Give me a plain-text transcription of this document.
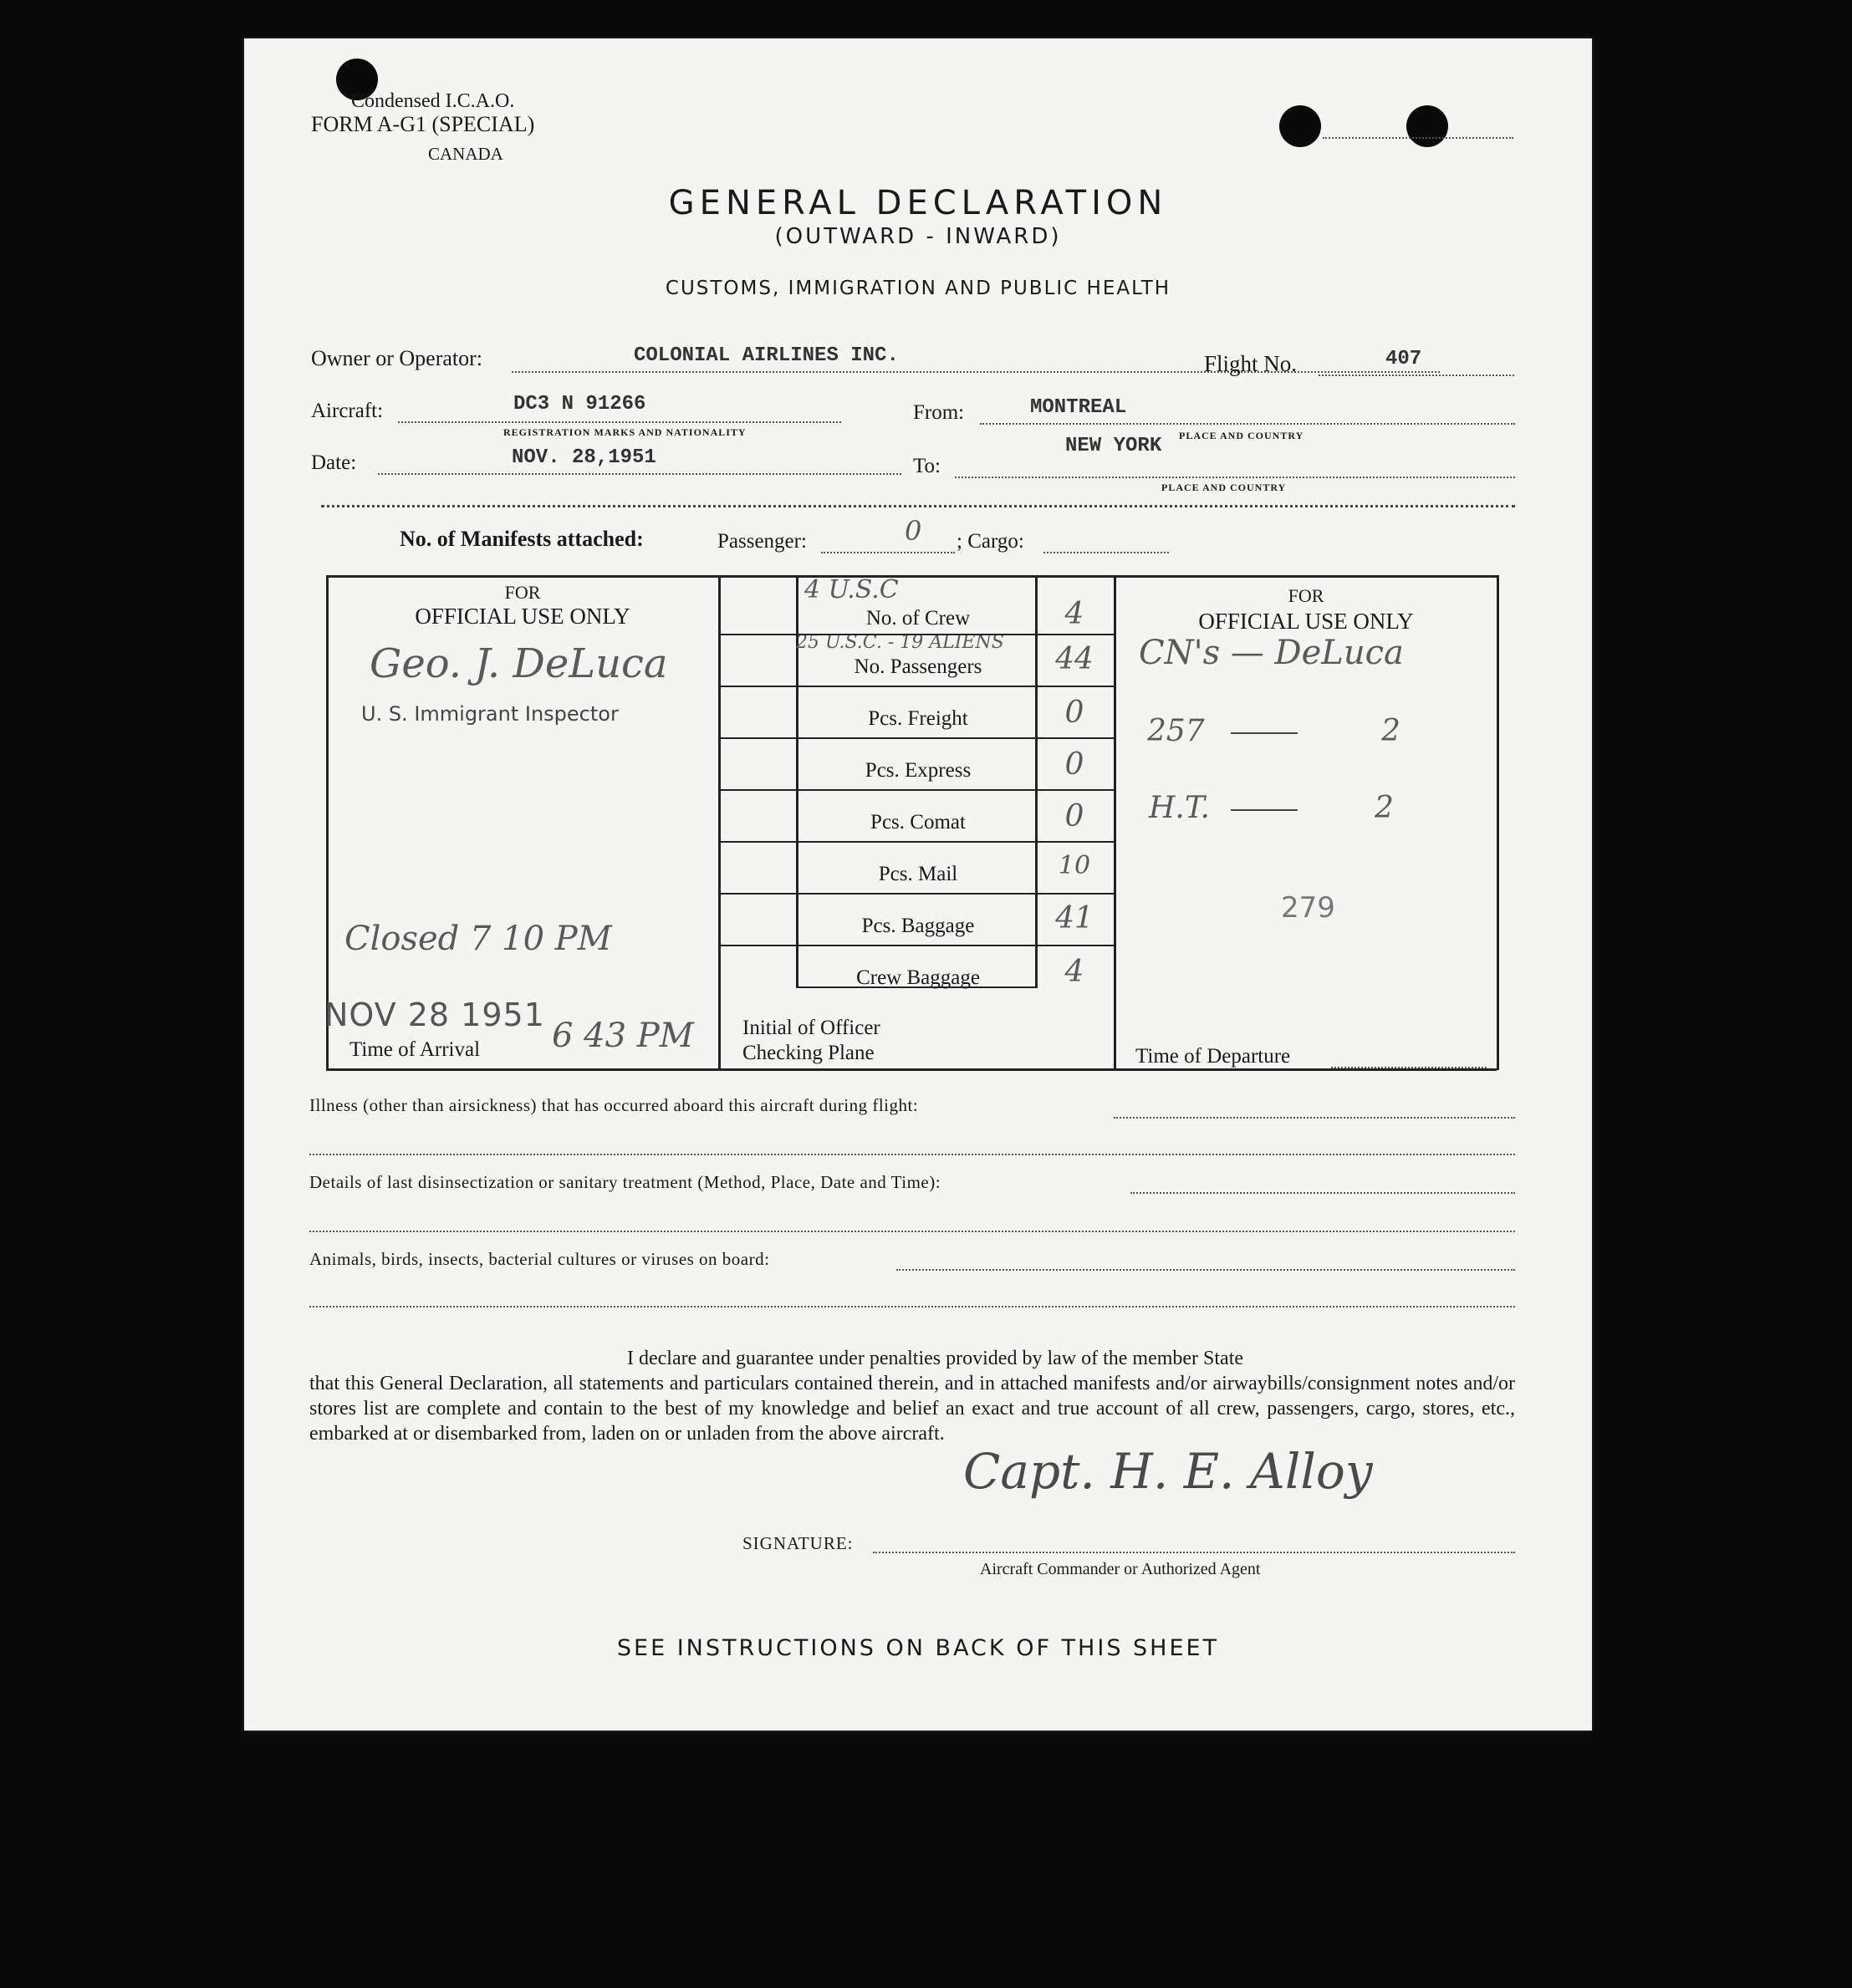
Condensed I.C.A.O.
FORM A-G1 (SPECIAL)
CANADA
GENERAL DECLARATION
(OUTWARD - INWARD)
CUSTOMS, IMMIGRATION AND PUBLIC HEALTH
Owner or Operator:	COLONIAL AIRLINES INC.	Flight No.	407
Aircraft:	DC3 N 91266
REGISTRATION MARKS AND NATIONALITY
From:	MONTREAL
PLACE AND COUNTRY
Date:	NOV. 28,1951	To:
NEW YORK
PLACE AND COUNTRY
No. of Manifests attached:	Passenger:	0 ; Cargo:
FOR
OFFICIAL USE ONLY
Geo. J. DeLuca
U. S. Immigrant Inspector
Closed 7 10 PM
NOV 28 1951
Time of Arrival 6 43 PM
4 U.S.C
No. of Crew	4
25 U.S.C. - 19 ALIENS
No. Passengers	44
Pcs. Freight	0
Pcs. Express	0
Pcs. Comat	0
Pcs. Mail	10
Pcs. Baggage	41
Crew Baggage	4
Initial of Officer
Checking Plane
FOR
OFFICIAL USE ONLY
CN's — DeLuca
257	2
H.T.	2
279
Time of Departure
Illness (other than airsickness) that has occurred aboard this aircraft during flight:
Details of last disinsectization or sanitary treatment (Method, Place, Date and Time):
Animals, birds, insects, bacterial cultures or viruses on board:
I declare and guarantee under penalties provided by law of the member State
that this General Declaration, all statements and particulars contained therein, and in attached manifests and/or airwaybills/consignment notes and/or stores list are complete and contain to the best of my knowledge and belief an exact and true account of all crew, passengers, cargo, stores, etc., embarked at or disembarked from, laden on or unladen from the above aircraft.
SIGNATURE:
Capt. H. E. Alloy
Aircraft Commander or Authorized Agent
SEE INSTRUCTIONS ON BACK OF THIS SHEET
